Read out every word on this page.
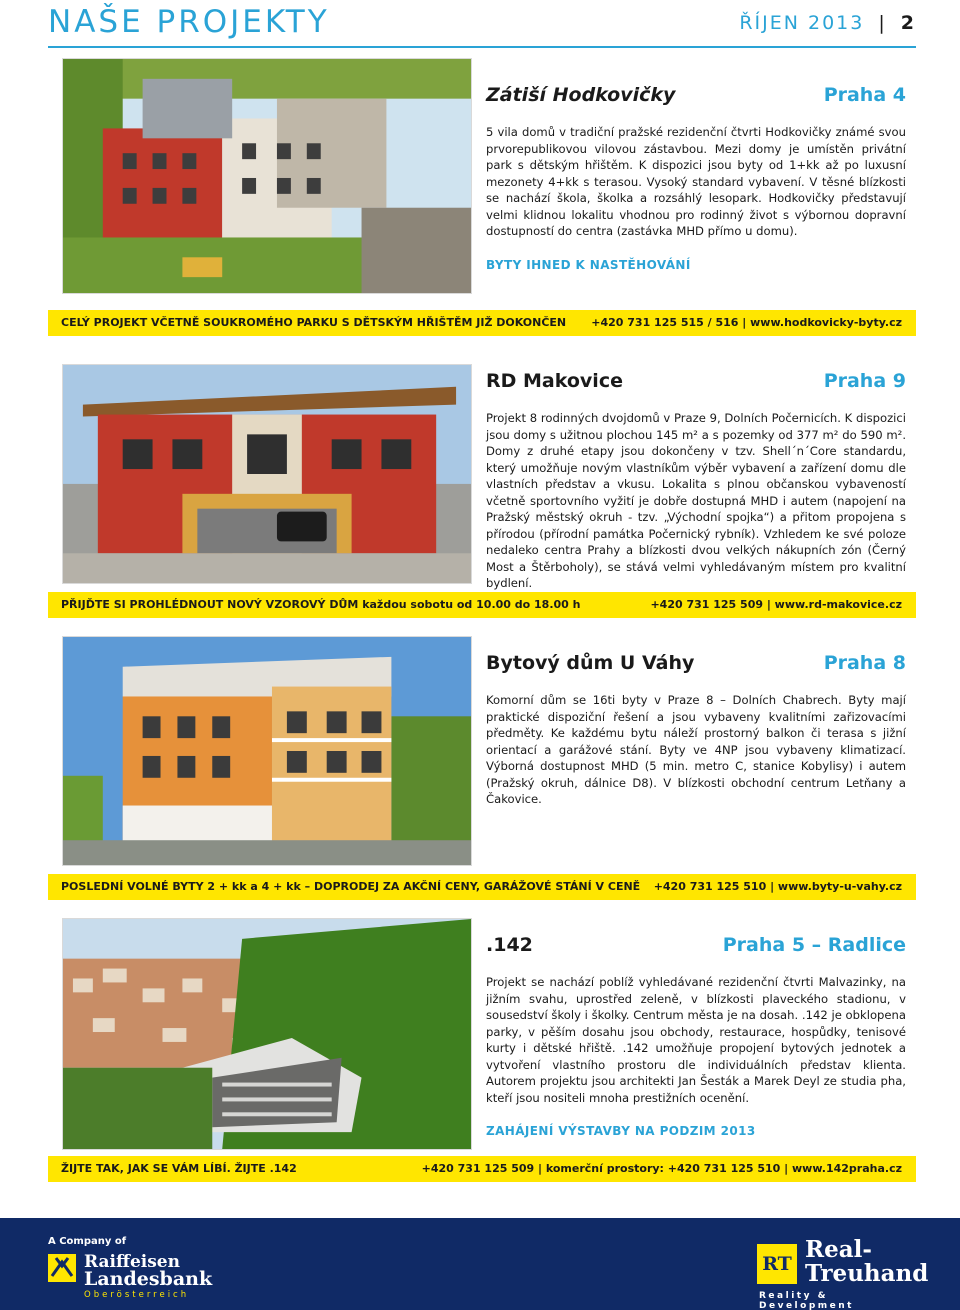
NAŠE PROJEKTY	ŘÍJEN 2013 | 2
Zátiší Hodkovičky	Praha 4
5 vila domů v tradiční pražské rezidenční čtvrti Hodkovičky známé svou prvorepublikovou vilovou zástavbou. Mezi domy je umístěn privátní park s dětským hřištěm. K dispozici jsou byty od 1+kk až po luxusní mezonety 4+kk s terasou. Vysoký standard vybavení. V těsné blízkosti se nachází škola, školka a rozsáhlý lesopark. Hodkovičky představují velmi klidnou lokalitu vhodnou pro rodinný život s výbornou dopravní dostupností do centra (zastávka MHD přímo u domu).
BYTY IHNED K NASTĚHOVÁNÍ
CELÝ PROJEKT VČETNĚ SOUKROMÉHO PARKU S DĚTSKÝM HŘIŠTĚM JIŽ DOKONČEN +420 731 125 515 / 516 | www.hodkovicky-byty.cz
RD Makovice	Praha 9
Projekt 8 rodinných dvojdomů v Praze 9, Dolních Počernicích. K dispozici jsou domy s užitnou plochou 145 m² a s pozemky od 377 m² do 590 m². Domy z druhé etapy jsou dokončeny v tzv. Shell´n´Core standardu, který umožňuje novým vlastníkům výběr vybavení a zařízení domu dle vlastních představ a vkusu. Lokalita s plnou občanskou vybaveností včetně sportovního vyžití je dobře dostupná MHD i autem (napojení na Pražský městský okruh - tzv. „Východní spojka“) a přitom propojena s přírodou (přírodní památka Počernický rybník). Vzhledem ke své poloze nedaleko centra Prahy a blízkosti dvou velkých nákupních zón (Černý Most a Štěrboholy), se stává velmi vyhledávaným místem pro kvalitní bydlení.
PŘIJĎTE SI PROHLÉDNOUT NOVÝ VZOROVÝ DŮM každou sobotu od 10.00 do 18.00 h	+420 731 125 509 | www.rd-makovice.cz
Bytový dům U Váhy	Praha 8
Komorní dům se 16ti byty v Praze 8 – Dolních Chabrech. Byty mají praktické dispoziční řešení a jsou vybaveny kvalitními zařizovacími předměty. Ke každému bytu náleží prostorný balkon či terasa s jižní orientací a garážové stání. Byty ve 4NP jsou vybaveny klimatizací. Výborná dostupnost MHD (5 min. metro C, stanice Kobylisy) i autem (Pražský okruh, dálnice D8). V blízkosti obchodní centrum Letňany a Čakovice.
POSLEDNÍ VOLNÉ BYTY 2 + kk a 4 + kk – DOPRODEJ ZA AKČNÍ CENY, GARÁŽOVÉ STÁNÍ V CENĚ +420 731 125 510 | www.byty-u-vahy.cz
.142	Praha 5 – Radlice
Projekt se nachází poblíž vyhledávané rezidenční čtvrti Malvazinky, na jižním svahu, uprostřed zeleně, v blízkosti plaveckého stadionu, v sousedství školy i školky. Centrum města je na dosah. .142 je obklopena parky, v pěším dosahu jsou obchody, restaurace, hospůdky, tenisové kurty i dětské hřiště. .142 umožňuje propojení bytových jednotek a vytvoření vlastního prostoru dle individuálních představ klienta. Autorem projektu jsou architekti Jan Šesták a Marek Deyl ze studia pha, kteří jsou nositeli mnoha prestižních ocenění.
ZAHÁJENÍ VÝSTAVBY NA PODZIM 2013
ŽIJTE TAK, JAK SE VÁM LÍBÍ. ŽIJTE .142	+420 731 125 509 | komerční prostory: +420 731 125 510 | www.142praha.cz
A Company of
Raiffeisen
Landesbank
Oberösterreich
RT
Real-
Treuhand
Reality & Development
